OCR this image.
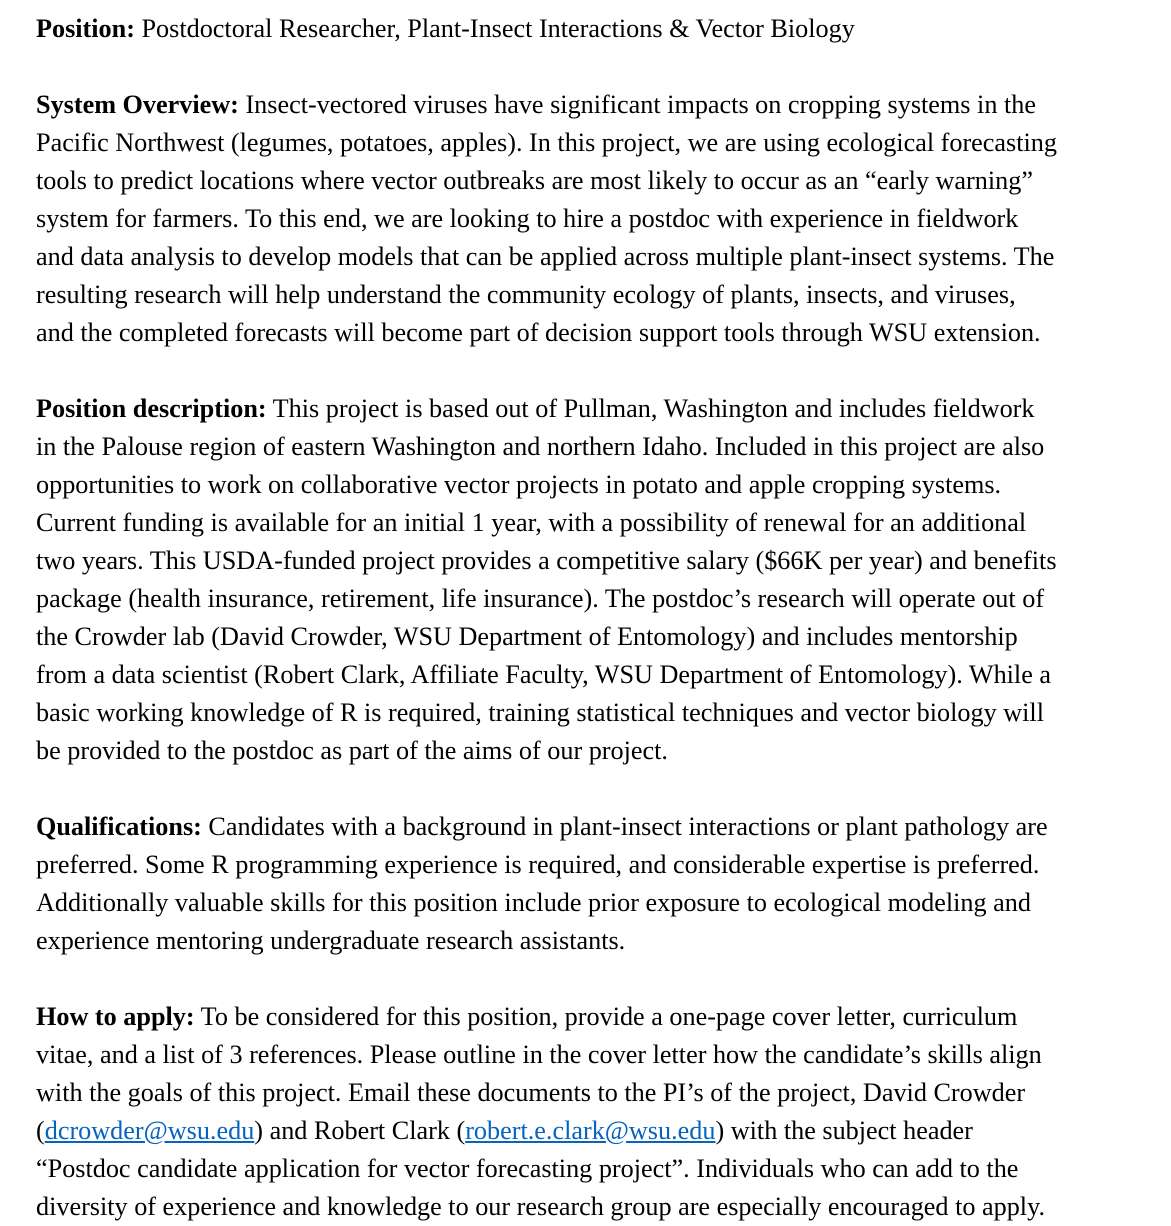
Position: Postdoctoral Researcher, Plant-Insect Interactions & Vector Biology

System Overview: Insect-vectored viruses have significant impacts on cropping systems in the
Pacific Northwest (legumes, potatoes, apples). In this project, we are using ecological forecasting
tools to predict locations where vector outbreaks are most likely to occur as an “early warning”
system for farmers. To this end, we are looking to hire a postdoc with experience in fieldwork
and data analysis to develop models that can be applied across multiple plant-insect systems. The
resulting research will help understand the community ecology of plants, insects, and viruses,
and the completed forecasts will become part of decision support tools through WSU extension.

Position description: This project is based out of Pullman, Washington and includes fieldwork
in the Palouse region of eastern Washington and northern Idaho. Included in this project are also
opportunities to work on collaborative vector projects in potato and apple cropping systems.
Current funding is available for an initial 1 year, with a possibility of renewal for an additional
two years. This USDA-funded project provides a competitive salary ($66K per year) and benefits
package (health insurance, retirement, life insurance). The postdoc’s research will operate out of
the Crowder lab (David Crowder, WSU Department of Entomology) and includes mentorship
from a data scientist (Robert Clark, Affiliate Faculty, WSU Department of Entomology). While a
basic working knowledge of R is required, training statistical techniques and vector biology will
be provided to the postdoc as part of the aims of our project.

Qualifications: Candidates with a background in plant-insect interactions or plant pathology are
preferred. Some R programming experience is required, and considerable expertise is preferred.
Additionally valuable skills for this position include prior exposure to ecological modeling and
experience mentoring undergraduate research assistants.

How to apply: To be considered for this position, provide a one-page cover letter, curriculum
vitae, and a list of 3 references. Please outline in the cover letter how the candidate’s skills align
with the goals of this project. Email these documents to the PI’s of the project, David Crowder
(dcrowder@wsu.edu) and Robert Clark (robert.e.clark@wsu.edu) with the subject header
“Postdoc candidate application for vector forecasting project”. Individuals who can add to the
diversity of experience and knowledge to our research group are especially encouraged to apply.
